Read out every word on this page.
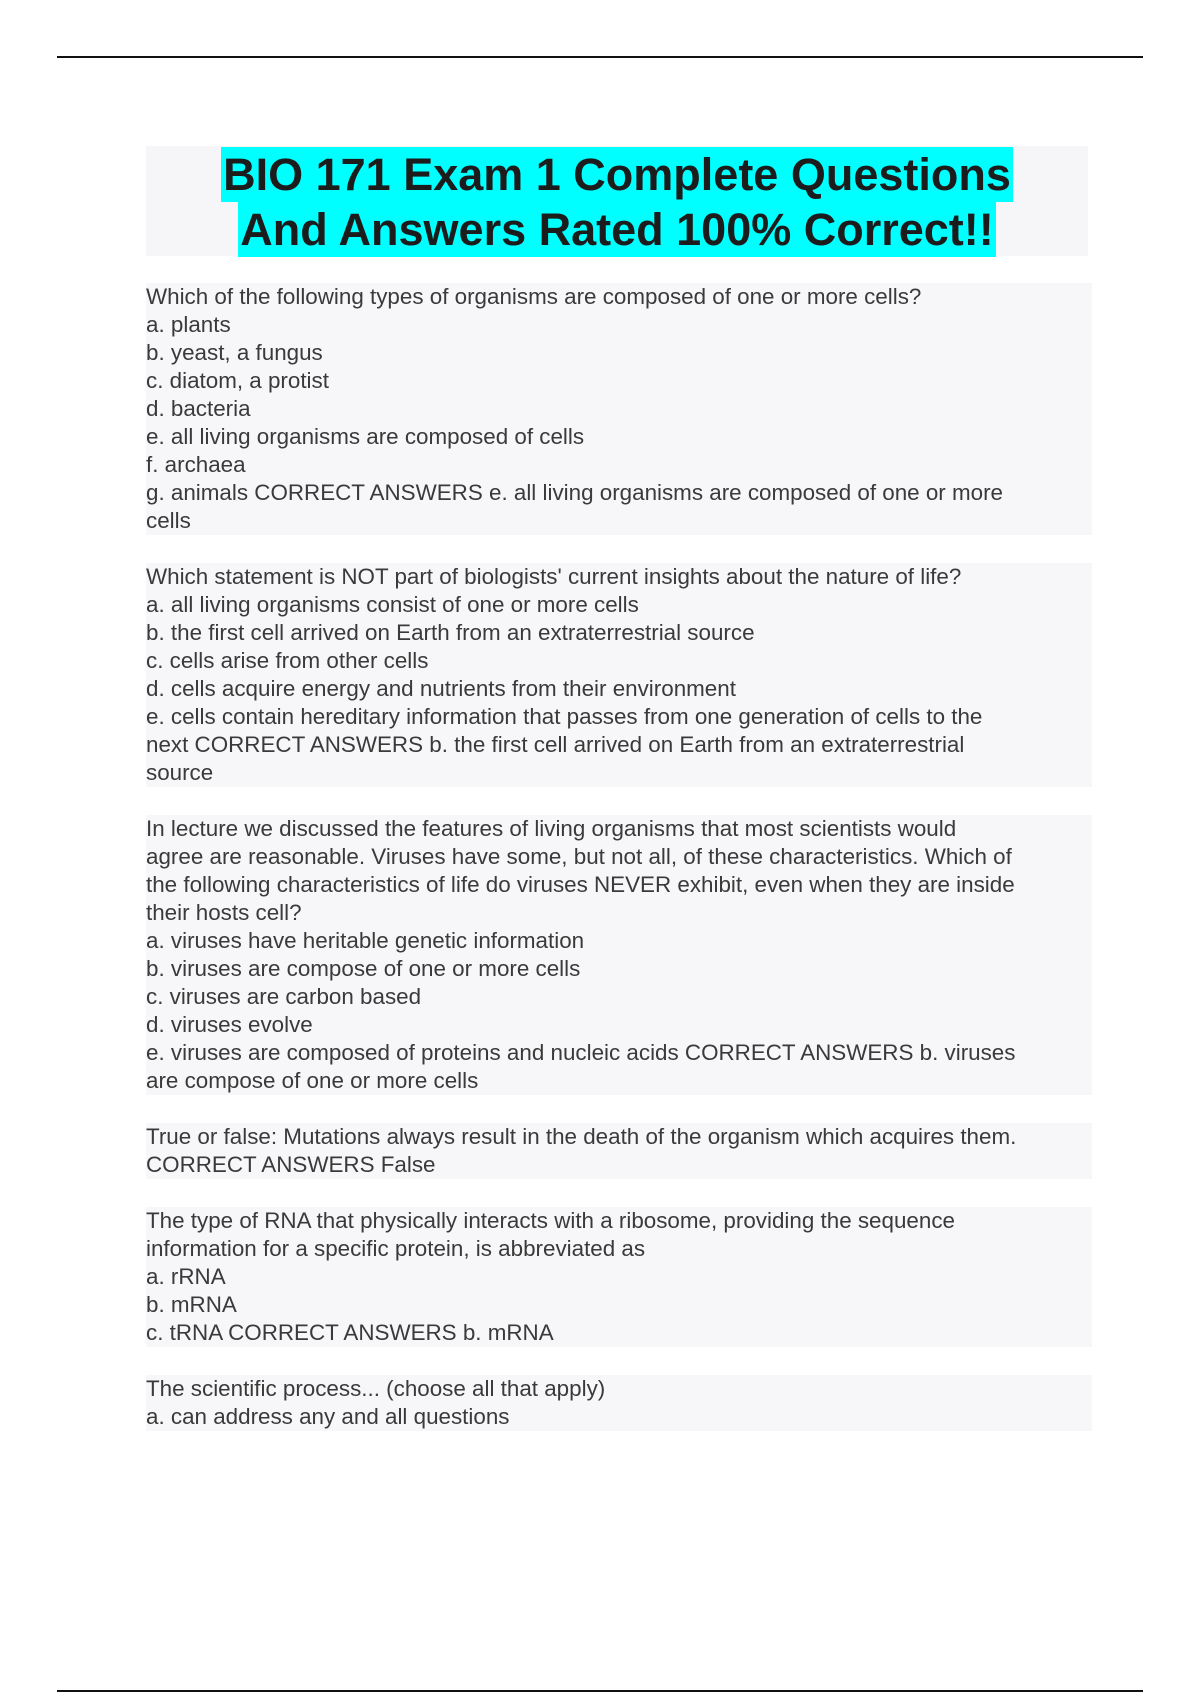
BIO 171 Exam 1 Complete Questions
And Answers Rated 100% Correct!!

Which of the following types of organisms are composed of one or more cells?

a. plants

b. yeast, a fungus

c. diatom, a protist

d. bacteria

e. all living organisms are composed of cells

f. archaea

g. animals CORRECT ANSWERS e. all living organisms are composed of one or more

cells

Which statement is NOT part of biologists' current insights about the nature of life?

a. all living organisms consist of one or more cells

b. the first cell arrived on Earth from an extraterrestrial source

c. cells arise from other cells

d. cells acquire energy and nutrients from their environment

e. cells contain hereditary information that passes from one generation of cells to the

next CORRECT ANSWERS b. the first cell arrived on Earth from an extraterrestrial

source

In lecture we discussed the features of living organisms that most scientists would

agree are reasonable. Viruses have some, but not all, of these characteristics. Which of

the following characteristics of life do viruses NEVER exhibit, even when they are inside

their hosts cell?

a. viruses have heritable genetic information

b. viruses are compose of one or more cells

c. viruses are carbon based

d. viruses evolve

e. viruses are composed of proteins and nucleic acids CORRECT ANSWERS b. viruses

are compose of one or more cells

True or false: Mutations always result in the death of the organism which acquires them.

CORRECT ANSWERS False

The type of RNA that physically interacts with a ribosome, providing the sequence

information for a specific protein, is abbreviated as

a. rRNA

b. mRNA

c. tRNA CORRECT ANSWERS b. mRNA

The scientific process... (choose all that apply)

a. can address any and all questions
